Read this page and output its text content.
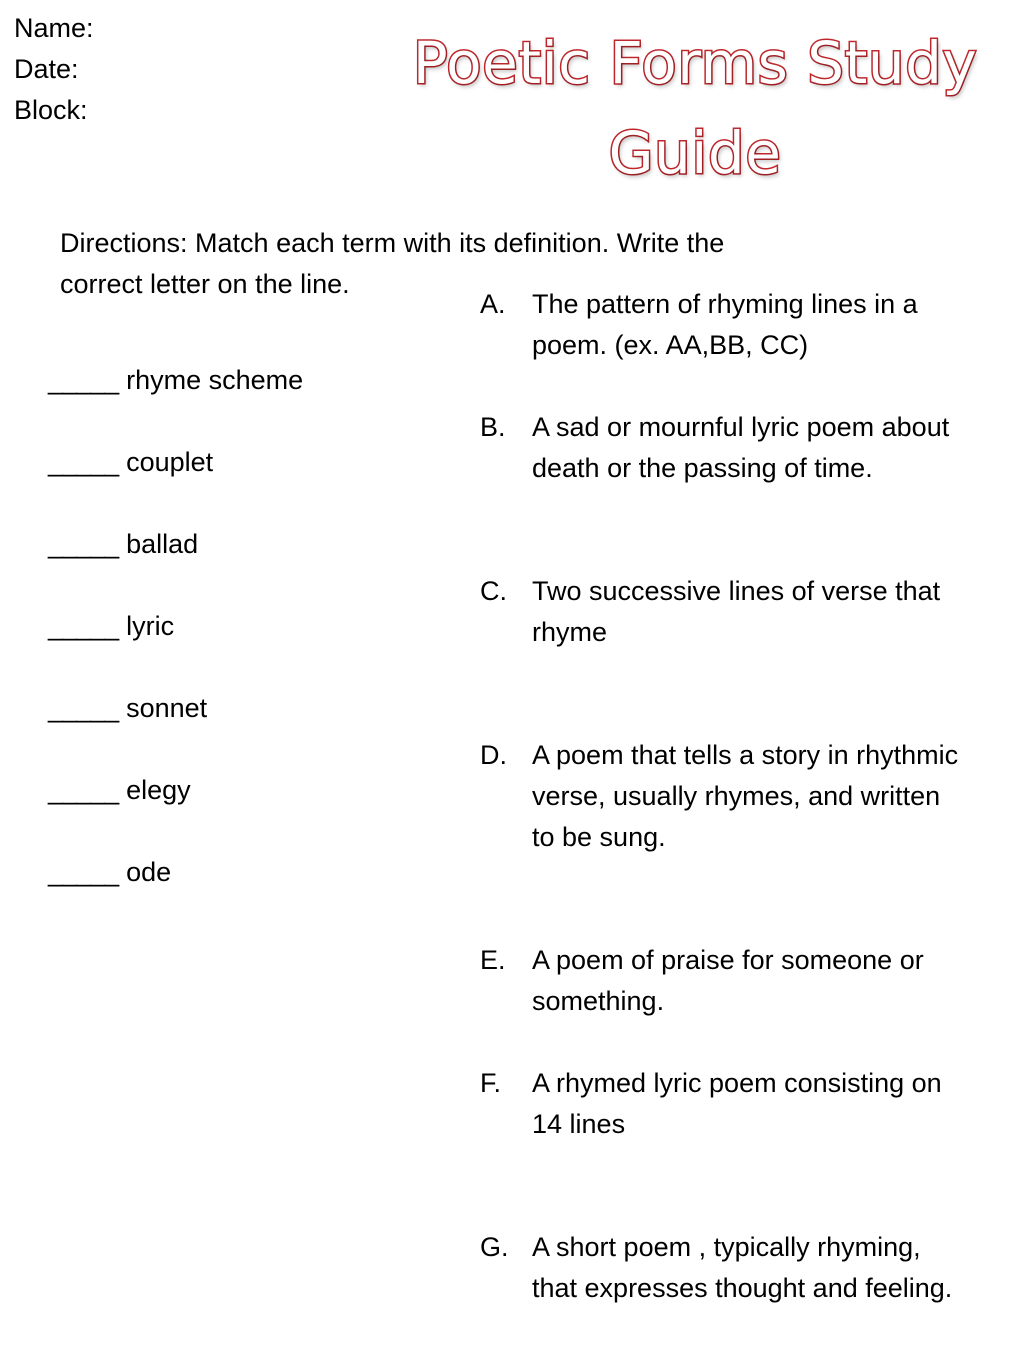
Name:
Date:
Block:
Poetic Forms Study
Guide
Directions: Match each term with its definition. Write the
correct letter on the line.
_____ rhyme scheme
_____ couplet
_____ ballad
_____ lyric
_____ sonnet
_____ elegy
_____ ode
A. The pattern of rhyming lines in a poem. (ex. AA,BB, CC)
B. A sad or mournful lyric poem about death or the passing of time.
C. Two successive lines of verse that rhyme
D. A poem that tells a story in rhythmic verse, usually rhymes, and written to be sung.
E. A poem of praise for someone or something.
F. A rhymed lyric poem consisting on 14 lines
G. A short poem , typically rhyming, that expresses thought and feeling.
